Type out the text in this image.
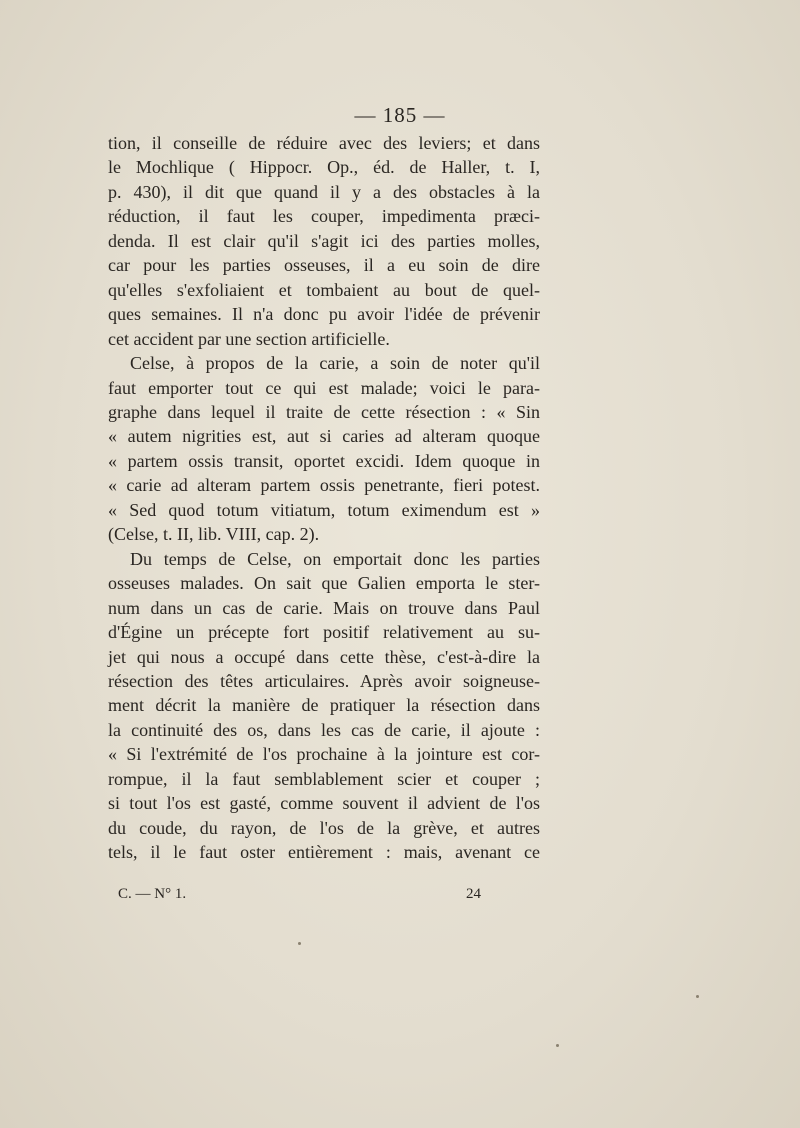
— 185 —
tion, il conseille de réduire avec des leviers; et dans
le Mochlique ( Hippocr. Op., éd. de Haller, t. I,
p. 430), il dit que quand il y a des obstacles à la
réduction, il faut les couper, impedimenta præci-
denda. Il est clair qu'il s'agit ici des parties molles,
car pour les parties osseuses, il a eu soin de dire
qu'elles s'exfoliaient et tombaient au bout de quel-
ques semaines. Il n'a donc pu avoir l'idée de prévenir
cet accident par une section artificielle.
Celse, à propos de la carie, a soin de noter qu'il
faut emporter tout ce qui est malade; voici le para-
graphe dans lequel il traite de cette résection : « Sin
« autem nigrities est, aut si caries ad alteram quoque
« partem ossis transit, oportet excidi. Idem quoque in
« carie ad alteram partem ossis penetrante, fieri potest.
« Sed quod totum vitiatum, totum eximendum est »
(Celse, t. II, lib. VIII, cap. 2).
Du temps de Celse, on emportait donc les parties
osseuses malades. On sait que Galien emporta le ster-
num dans un cas de carie. Mais on trouve dans Paul
d'Égine un précepte fort positif relativement au su-
jet qui nous a occupé dans cette thèse, c'est-à-dire la
résection des têtes articulaires. Après avoir soigneuse-
ment décrit la manière de pratiquer la résection dans
la continuité des os, dans les cas de carie, il ajoute :
« Si l'extrémité de l'os prochaine à la jointure est cor-
rompue, il la faut semblablement scier et couper ;
si tout l'os est gasté, comme souvent il advient de l'os
du coude, du rayon, de l'os de la grève, et autres
tels, il le faut oster entièrement : mais, avenant ce
C. — N° 1.	24
